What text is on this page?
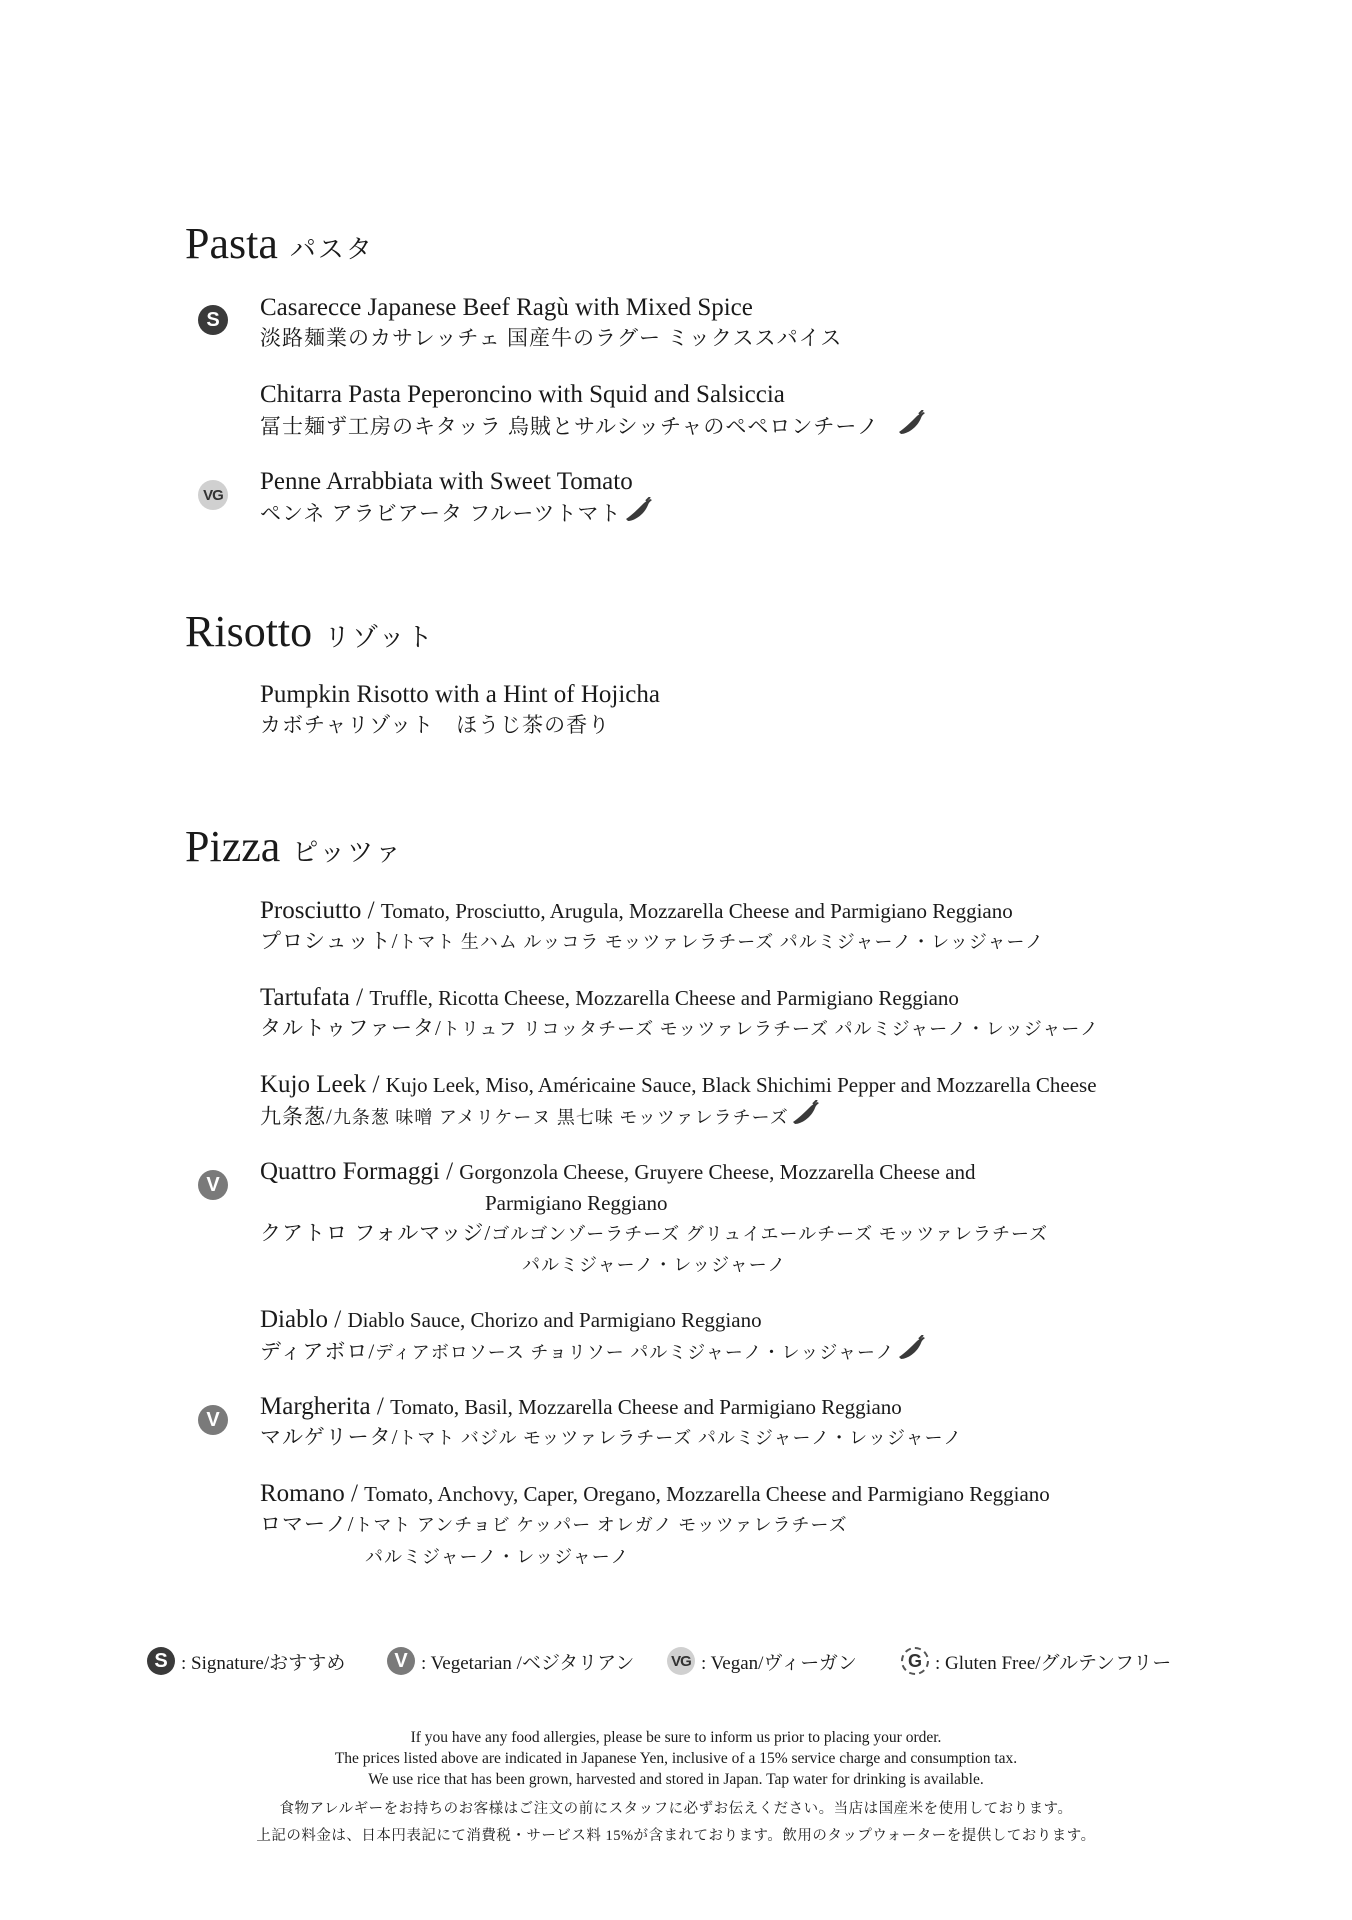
Pasta パスタ
S	Casarecce Japanese Beef Ragù with Mixed Spice
淡路麺業のカサレッチェ 国産牛のラグー ミックススパイス
Chitarra Pasta Peperoncino with Squid and Salsiccia
冨士麺ず工房のキタッラ 烏賊とサルシッチャのペペロンチーノ
VG Penne Arrabbiata with Sweet Tomato
ペンネ アラビアータ フルーツトマト
Risotto リゾット
Pumpkin Risotto with a Hint of Hojicha
カボチャリゾット　ほうじ茶の香り
Pizza ピッツァ
Prosciutto / Tomato, Prosciutto, Arugula, Mozzarella Cheese and Parmigiano Reggiano
プロシュット/トマト 生ハム ルッコラ モッツァレラチーズ パルミジャーノ・レッジャーノ
Tartufata / Truffle, Ricotta Cheese, Mozzarella Cheese and Parmigiano Reggiano
タルトゥファータ/トリュフ リコッタチーズ モッツァレラチーズ パルミジャーノ・レッジャーノ
Kujo Leek / Kujo Leek, Miso, Américaine Sauce, Black Shichimi Pepper and Mozzarella Cheese
九条葱/九条葱 味噌 アメリケーヌ 黒七味 モッツァレラチーズ
V	Quattro Formaggi / Gorgonzola Cheese, Gruyere Cheese, Mozzarella Cheese and
Parmigiano Reggiano
クアトロ フォルマッジ/ゴルゴンゾーラチーズ グリュイエールチーズ モッツァレラチーズ
パルミジャーノ・レッジャーノ
Diablo / Diablo Sauce, Chorizo and Parmigiano Reggiano
ディアボロ/ディアボロソース チョリソー パルミジャーノ・レッジャーノ
V	Margherita / Tomato, Basil, Mozzarella Cheese and Parmigiano Reggiano
マルゲリータ/トマト バジル モッツァレラチーズ パルミジャーノ・レッジャーノ
Romano / Tomato, Anchovy, Caper, Oregano, Mozzarella Cheese and Parmigiano Reggiano
ロマーノ/トマト アンチョビ ケッパー オレガノ モッツァレラチーズ
パルミジャーノ・レッジャーノ
S : Signature/おすすめ	V : Vegetarian /ベジタリアン VG : Vegan/ヴィーガン	G : Gluten Free/グルテンフリー
If you have any food allergies, please be sure to inform us prior to placing your order.
The prices listed above are indicated in Japanese Yen, inclusive of a 15% service charge and consumption tax.
We use rice that has been grown, harvested and stored in Japan. Tap water for drinking is available.
食物アレルギーをお持ちのお客様はご注文の前にスタッフに必ずお伝えください。当店は国産米を使用しております。
上記の料金は、日本円表記にて消費税・サービス料 15%が含まれております。飲用のタップウォーターを提供しております。
